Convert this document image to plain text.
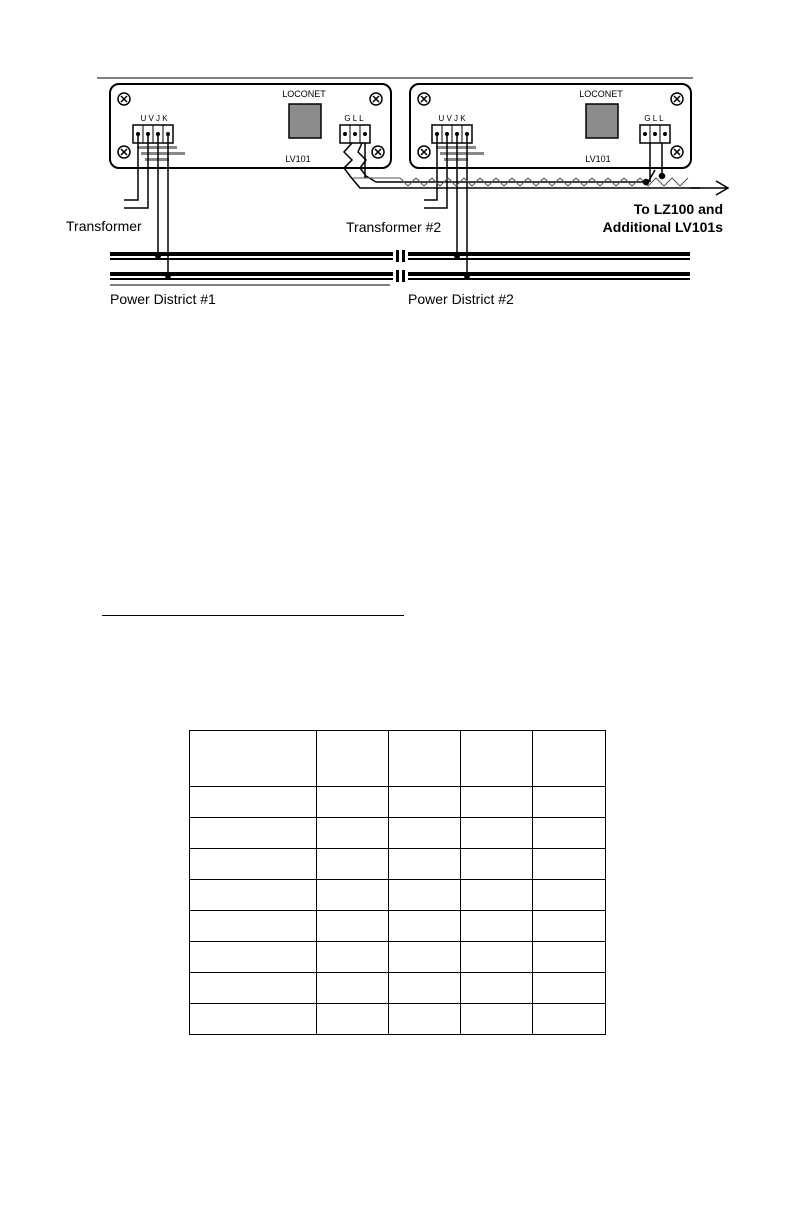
LOCONET
LV101
U V J K	G L L
LOCONET
LV101
U V J K	G L L
Transformer	Transformer #2
To LZ100 and
Additional LV101s
Power District #1	Power District #2
